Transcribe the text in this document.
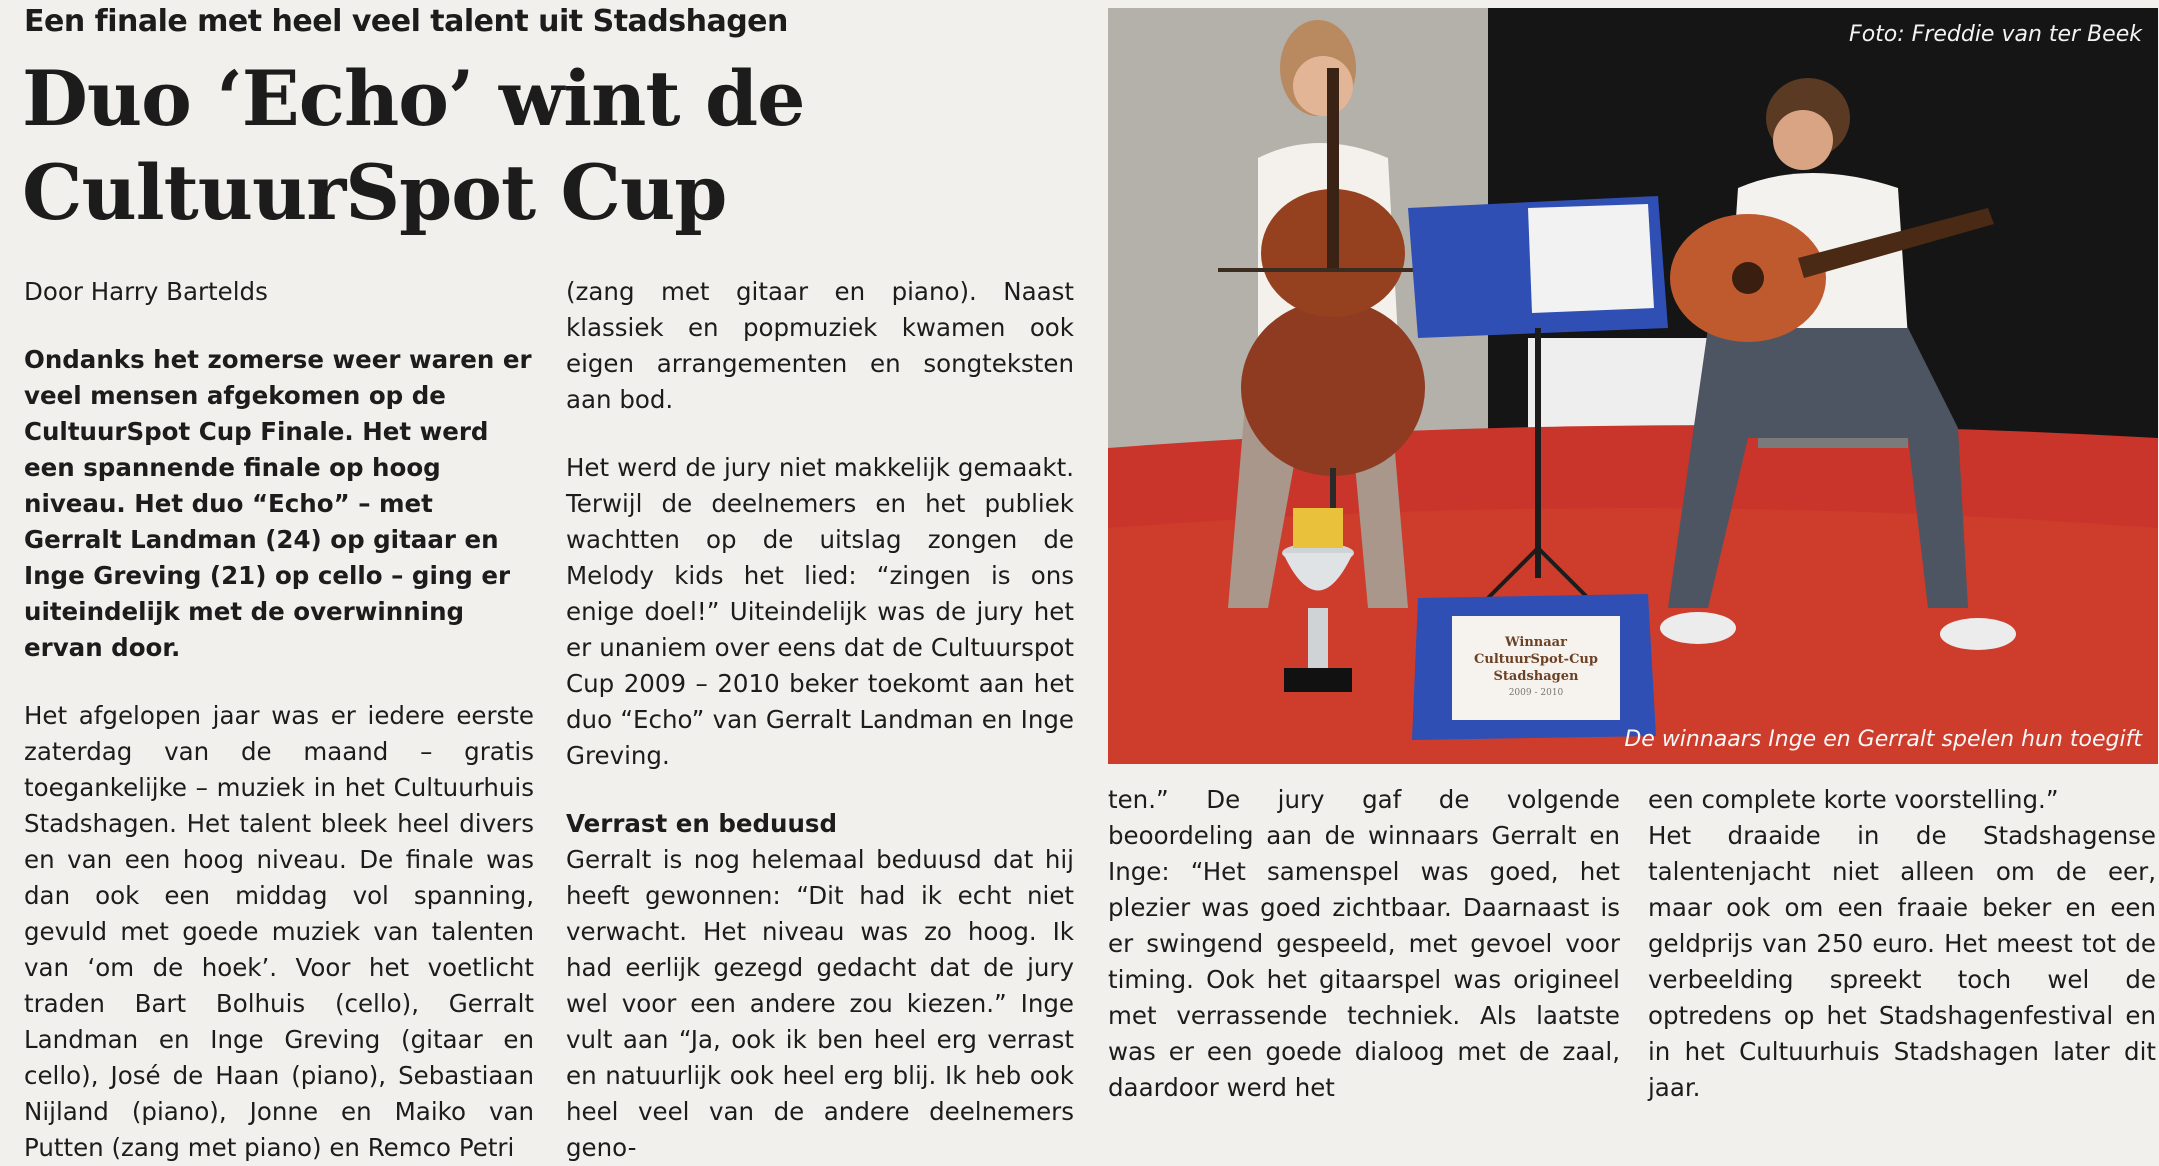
Een finale met heel veel talent uit Stadshagen
Duo ‘Echo’ wint de
CultuurSpot Cup
Door Harry Bartelds

Ondanks het zomerse weer waren er veel mensen afgekomen op de CultuurSpot Cup Finale. Het werd een spannende finale op hoog niveau. Het duo “Echo” – met Gerralt Landman (24) op gitaar en Inge Greving (21) op cello – ging er uiteindelijk met de overwinning ervan door.

Het afgelopen jaar was er iedere eerste zaterdag van de maand – gratis toegankelijke – muziek in het Cultuurhuis Stadshagen. Het talent bleek heel divers en van een hoog niveau. De finale was dan ook een middag vol spanning, gevuld met goede muziek van talenten van ‘om de hoek’. Voor het voetlicht traden Bart Bolhuis (cello), Gerralt Landman en Inge Greving (gitaar en cello), José de Haan (piano), Sebastiaan Nijland (piano), Jonne en Maiko van Putten (zang met piano) en Remco Petri

(zang met gitaar en piano). Naast klassiek en popmuziek kwamen ook eigen arrangementen en songteksten aan bod.

Het werd de jury niet makkelijk gemaakt. Terwijl de deelnemers en het publiek wachtten op de uitslag zongen de Melody kids het lied: “zingen is ons enige doel!” Uiteindelijk was de jury het er unaniem over eens dat de Cultuurspot Cup 2009 – 2010 beker toekomt aan het duo “Echo” van Gerralt Landman en Inge Greving.

Verrast en beduusd

Gerralt is nog helemaal beduusd dat hij heeft gewonnen: “Dit had ik echt niet verwacht. Het niveau was zo hoog. Ik had eerlijk gezegd gedacht dat de jury wel voor een andere zou kiezen.” Inge vult aan “Ja, ook ik ben heel erg verrast en natuurlijk ook heel erg blij. Ik heb ook heel veel van de andere deelnemers geno-

Winnaar
CultuurSpot-Cup
Stadshagen
2009 - 2010
Foto: Freddie van ter Beek
De winnaars Inge en Gerralt spelen hun toegift

ten.” De jury gaf de volgende beoordeling aan de winnaars Gerralt en Inge: “Het samenspel was goed, het plezier was goed zichtbaar. Daarnaast is er swingend gespeeld, met gevoel voor timing. Ook het gitaarspel was origineel met verrassende techniek. Als laatste was er een goede dialoog met de zaal, daardoor werd het

een complete korte voorstelling.”

Het draaide in de Stadshagense talentenjacht niet alleen om de eer, maar ook om een fraaie beker en een geldprijs van 250 euro. Het meest tot de verbeelding spreekt toch wel de optredens op het Stadshagenfestival en in het Cultuurhuis Stadshagen later dit jaar.
